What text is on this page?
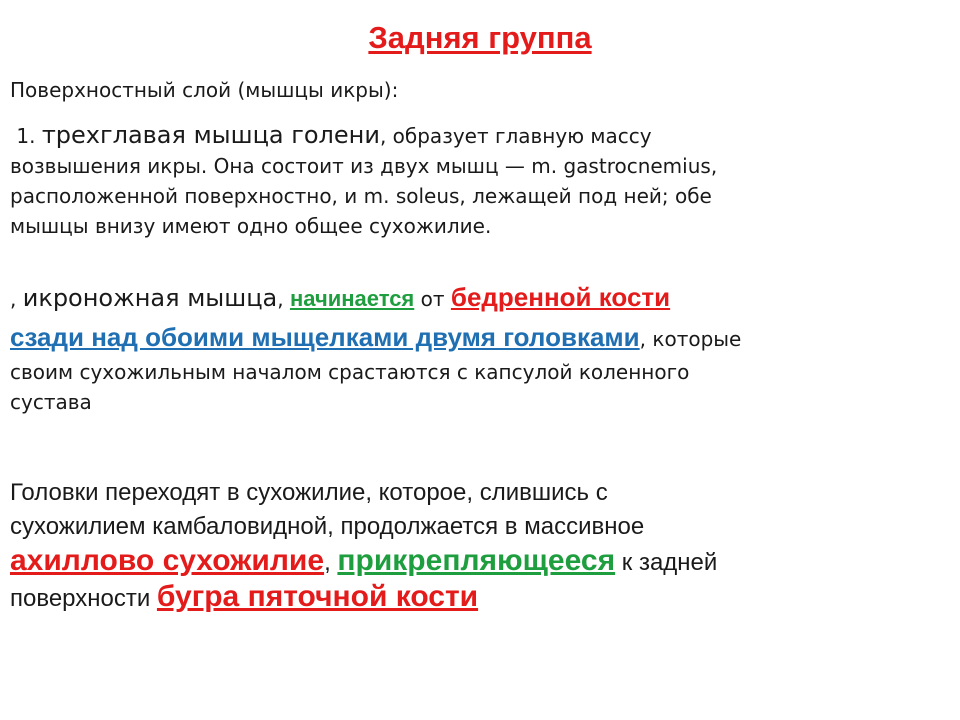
Задняя группа
Поверхностный слой (мышцы икры):
1. трехглавая мышца голени, образует главную массу
возвышения икры. Она состоит из двух мышц — m. gastrocnemius,
расположенной поверхностно, и m. soleus, лежащей под ней; обе
мышцы внизу имеют одно общее сухожилие.
, икроножная мышца, начинается от бедренной кости
сзади над обоими мыщелками двумя головками, которые
своим сухожильным началом срастаются с капсулой коленного
сустава
Головки переходят в сухожилие, которое, слившись с
сухожилием камбаловидной, продолжается в массивное
ахиллово сухожилие, прикрепляющееся к задней
поверхности бугра пяточной кости
